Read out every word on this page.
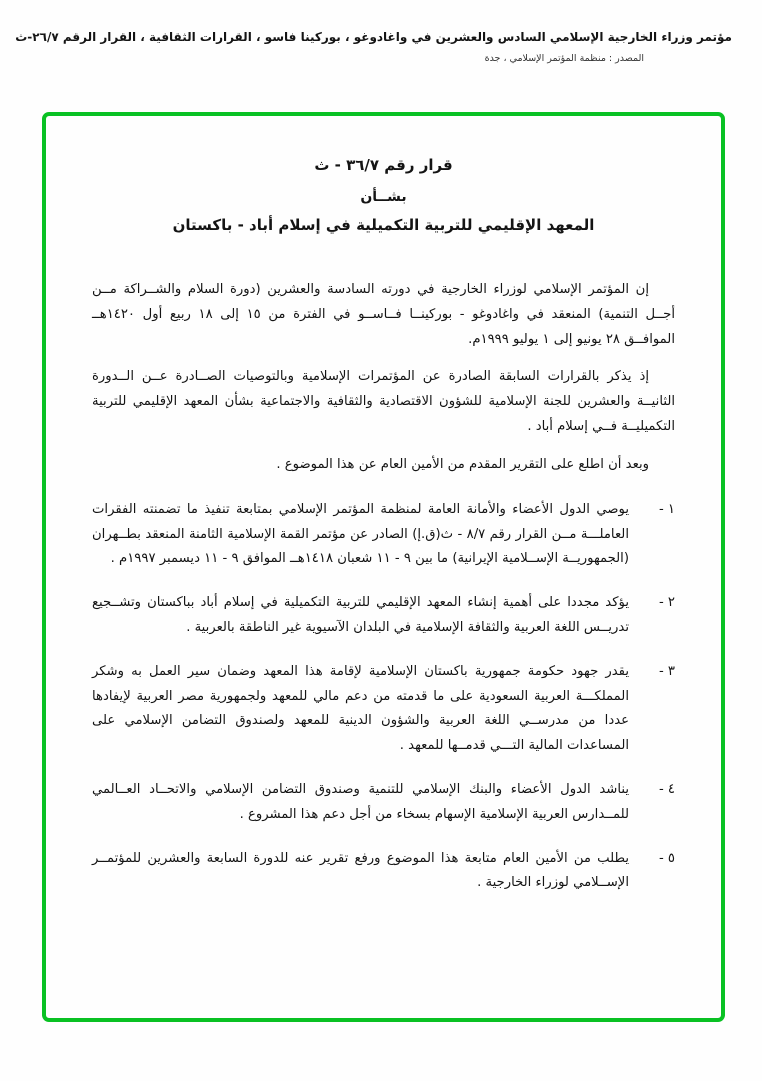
مؤتمر وزراء الخارجية الإسلامي السادس والعشرين في واغادوغو ، بوركينا فاسو ، القرارات الثقافية ، القرار الرقم ٢٦/٧-ث
المصدر : منظمة المؤتمر الإسلامي ، جدة
قرار رقم ٣٦/٧ - ث
بشــأن
المعهد الإقليمي للتربية التكميلية في إسلام أباد - باكستان
إن المؤتمر الإسلامي لوزراء الخارجية في دورته السادسة والعشرين (دورة السلام والشــراكة مــن أجــل التنمية) المنعقد في واغادوغو - بوركينــا فــاســو في الفترة من ١٥ إلى ١٨ ربيع أول ١٤٢٠هــ الموافــق ٢٨ يونيو إلى ١ يوليو ١٩٩٩م.
إذ يذكر بالقرارات السابقة الصادرة عن المؤتمرات الإسلامية وبالتوصيات الصــادرة عــن الــدورة الثانيــة والعشرين للجنة الإسلامية للشؤون الاقتصادية والثقافية والاجتماعية بشأن المعهد الإقليمي للتربية التكميليــة فــي إسلام أباد .
وبعد أن اطلع على التقرير المقدم من الأمين العام عن هذا الموضوع .
١ -
يوصي الدول الأعضاء والأمانة العامة لمنظمة المؤتمر الإسلامي بمتابعة تنفيذ ما تضمنته الفقرات العاملـــة مــن القرار رقم ٨/٧ - ث(ق.إ) الصادر عن مؤتمر القمة الإسلامية الثامنة المنعقد بطــهران (الجمهوريــة الإســلامية الإيرانية) ما بين ٩ - ١١ شعبان ١٤١٨هــ الموافق ٩ - ١١ ديسمبر ١٩٩٧م .
٢ -
يؤكد مجددا على أهمية إنشاء المعهد الإقليمي للتربية التكميلية في إسلام أباد بباكستان وتشــجيع تدريــس اللغة العربية والثقافة الإسلامية في البلدان الآسيوية غير الناطقة بالعربية .
٣ -
يقدر جهود حكومة جمهورية باكستان الإسلامية لإقامة هذا المعهد وضمان سير العمل به وشكر المملكـــة العربية السعودية على ما قدمته من دعم مالي للمعهد ولجمهورية مصر العربية لإيفادها عددا من مدرســي اللغة العربية والشؤون الدينية للمعهد ولصندوق التضامن الإسلامي على المساعدات المالية التـــي قدمــها للمعهد .
٤ -
يناشد الدول الأعضاء والبنك الإسلامي للتنمية وصندوق التضامن الإسلامي والاتحــاد العــالمي للمــدارس العربية الإسلامية الإسهام بسخاء من أجل دعم هذا المشروع .
٥ -
يطلب من الأمين العام متابعة هذا الموضوع ورفع تقرير عنه للدورة السابعة والعشرين للمؤتمــر الإســلامي لوزراء الخارجية .
